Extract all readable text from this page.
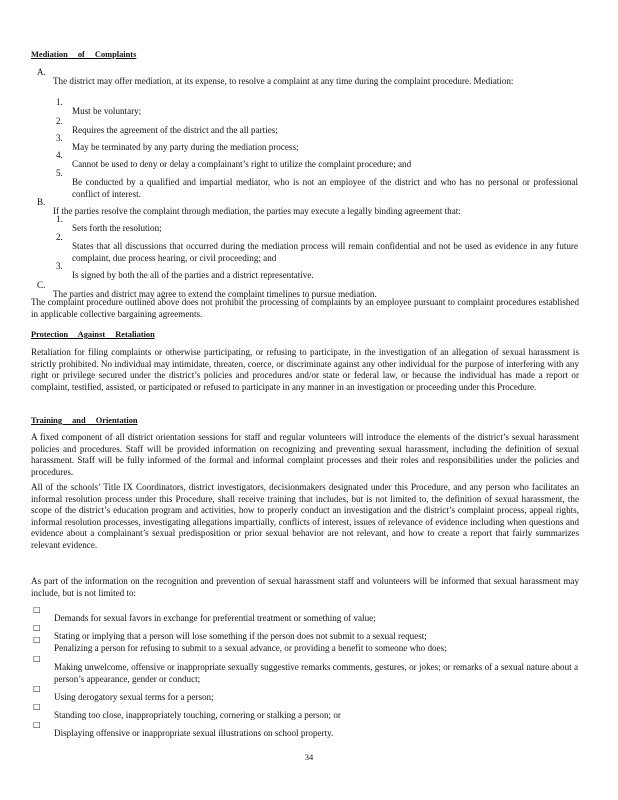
Mediation of Complaints
A.

The district may offer mediation, at its expense, to resolve a complaint at any time during the complaint procedure. Mediation:

1.

Must be voluntary;

2.

Requires the agreement of the district and the all parties;

3.

May be terminated by any party during the mediation process;

4.

Cannot be used to deny or delay a complainant’s right to utilize the complaint procedure; and

5.

Be conducted by a qualified and impartial mediator, who is not an employee of the district and who has no personal or professional conflict of interest.

B.

If the parties resolve the complaint through mediation, the parties may execute a legally binding agreement that:

1.

Sets forth the resolution;

2.

States that all discussions that occurred during the mediation process will remain confidential and not be used as evidence in any future complaint, due process hearing, or civil proceeding; and

3.

Is signed by both the all of the parties and a district representative.

C.

The parties and district may agree to extend the complaint timelines to pursue mediation.

The complaint procedure outlined above does not prohibit the processing of complaints by an employee pursuant to complaint procedures established in applicable collective bargaining agreements.

Protection Against Retaliation

Retaliation for filing complaints or otherwise participating, or refusing to participate, in the investigation of an allegation of sexual harassment is strictly prohibited. No individual may intimidate, threaten, coerce, or discriminate against any other individual for the purpose of interfering with any right or privilege secured under the district’s policies and procedures and/or state or federal law, or because the individual has made a report or complaint, testified, assisted, or participated or refused to participate in any manner in an investigation or proceeding under this Procedure.

Training and Orientation

A fixed component of all district orientation sessions for staff and regular volunteers will introduce the elements of the district’s sexual harassment policies and procedures. Staff will be provided information on recognizing and preventing sexual harassment, including the definition of sexual harassment. Staff will be fully informed of the formal and informal complaint processes and their roles and responsibilities under the policies and procedures.

All of the schools’ Title IX Coordinators, district investigators, decisionmakers designated under this Procedure, and any person who facilitates an informal resolution process under this Procedure, shall receive training that includes, but is not limited to, the definition of sexual harassment, the scope of the district’s education program and activities, how to properly conduct an investigation and the district’s complaint process, appeal rights, informal resolution processes, investigating allegations impartially, conflicts of interest, issues of relevance of evidence including when questions and evidence about a complainant’s sexual predisposition or prior sexual behavior are not relevant, and how to create a report that fairly summarizes relevant evidence.

As part of the information on the recognition and prevention of sexual harassment staff and volunteers will be informed that sexual harassment may include, but is not limited to:

□

Demands for sexual favors in exchange for preferential treatment or something of value;

□

Stating or implying that a person will lose something if the person does not submit to a sexual request;

□

Penalizing a person for refusing to submit to a sexual advance, or providing a benefit to someone who does;

□

Making unwelcome, offensive or inappropriate sexually suggestive remarks comments, gestures, or jokes; or remarks of a sexual nature about a person’s appearance, gender or conduct;

□

Using derogatory sexual terms for a person;

□

Standing too close, inappropriately touching, cornering or stalking a person; or

□

Displaying offensive or inappropriate sexual illustrations on school property.

34
